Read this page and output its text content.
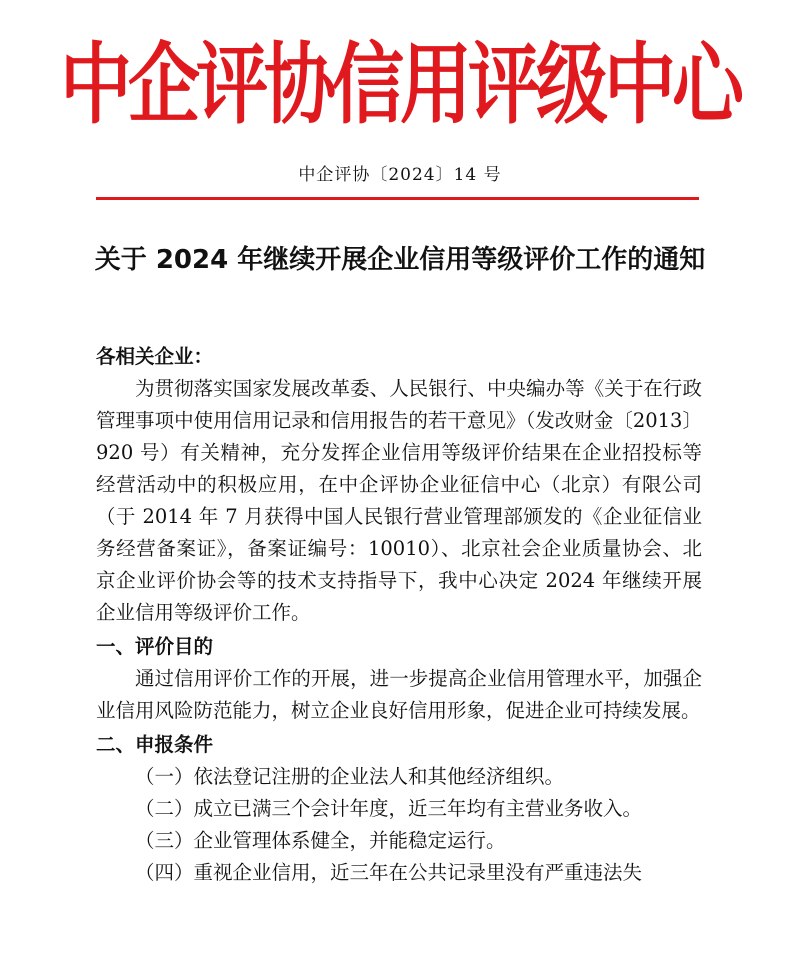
中企评协信用评级中心
中企评协〔2024〕14 号
关于 2024 年继续开展企业信用等级评价工作的通知

各相关企业：

为贯彻落实国家发展改革委、人民银行、中央编办等《关于在行政管理事项中使用信用记录和信用报告的若干意见》（发改财金〔2013〕920 号）有关精神，充分发挥企业信用等级评价结果在企业招投标等经营活动中的积极应用，在中企评协企业征信中心（北京）有限公司（于 2014 年 7 月获得中国人民银行营业管理部颁发的《企业征信业务经营备案证》，备案证编号：10010）、北京社会企业质量协会、北京企业评价协会等的技术支持指导下，我中心决定 2024 年继续开展企业信用等级评价工作。

一、评价目的

通过信用评价工作的开展，进一步提高企业信用管理水平，加强企业信用风险防范能力，树立企业良好信用形象，促进企业可持续发展。

二、申报条件

（一）依法登记注册的企业法人和其他经济组织。

（二）成立已满三个会计年度，近三年均有主营业务收入。

（三）企业管理体系健全，并能稳定运行。

（四）重视企业信用，近三年在公共记录里没有严重违法失
